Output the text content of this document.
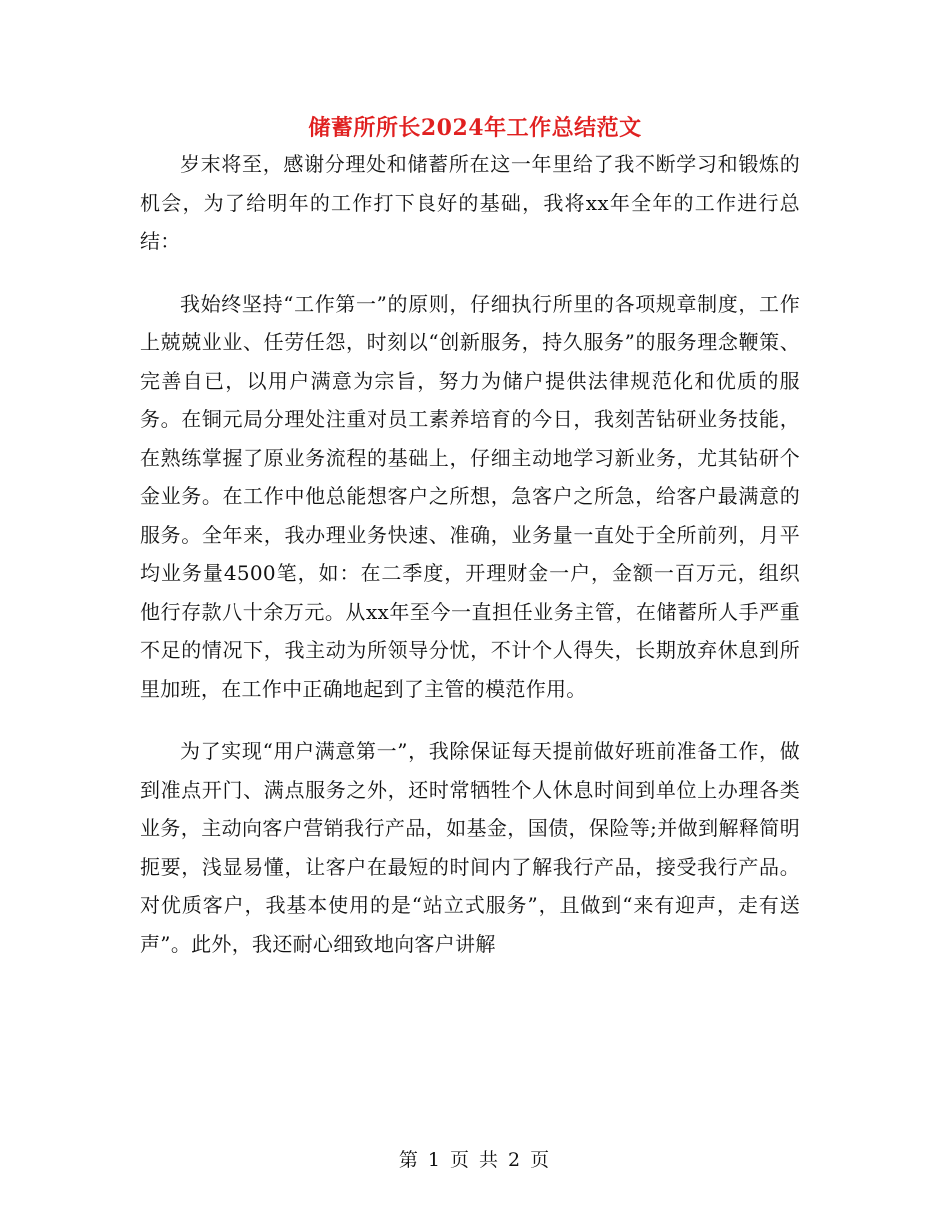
储蓄所所长2024年工作总结范文

岁末将至，感谢分理处和储蓄所在这一年里给了我不断学习和锻炼的机会，为了给明年的工作打下良好的基础，我将xx年全年的工作进行总结：

我始终坚持“工作第一”的原则，仔细执行所里的各项规章制度，工作上兢兢业业、任劳任怨，时刻以“创新服务，持久服务”的服务理念鞭策、完善自已，以用户满意为宗旨，努力为储户提供法律规范化和优质的服务。在铜元局分理处注重对员工素养培育的今日，我刻苦钻研业务技能，在熟练掌握了原业务流程的基础上，仔细主动地学习新业务，尤其钻研个金业务。在工作中他总能想客户之所想，急客户之所急，给客户最满意的服务。全年来，我办理业务快速、准确，业务量一直处于全所前列，月平均业务量4500笔，如：在二季度，开理财金一户，金额一百万元，组织他行存款八十余万元。从xx年至今一直担任业务主管，在储蓄所人手严重不足的情况下，我主动为所领导分忧，不计个人得失，长期放弃休息到所里加班，在工作中正确地起到了主管的模范作用。

为了实现“用户满意第一”，我除保证每天提前做好班前准备工作，做到准点开门、满点服务之外，还时常牺牲个人休息时间到单位上办理各类业务，主动向客户营销我行产品，如基金，国债，保险等;并做到解释简明扼要，浅显易懂，让客户在最短的时间内了解我行产品，接受我行产品。对优质客户，我基本使用的是“站立式服务”，且做到“来有迎声，走有送声”。此外，我还耐心细致地向客户讲解

第 1 页 共 2 页
